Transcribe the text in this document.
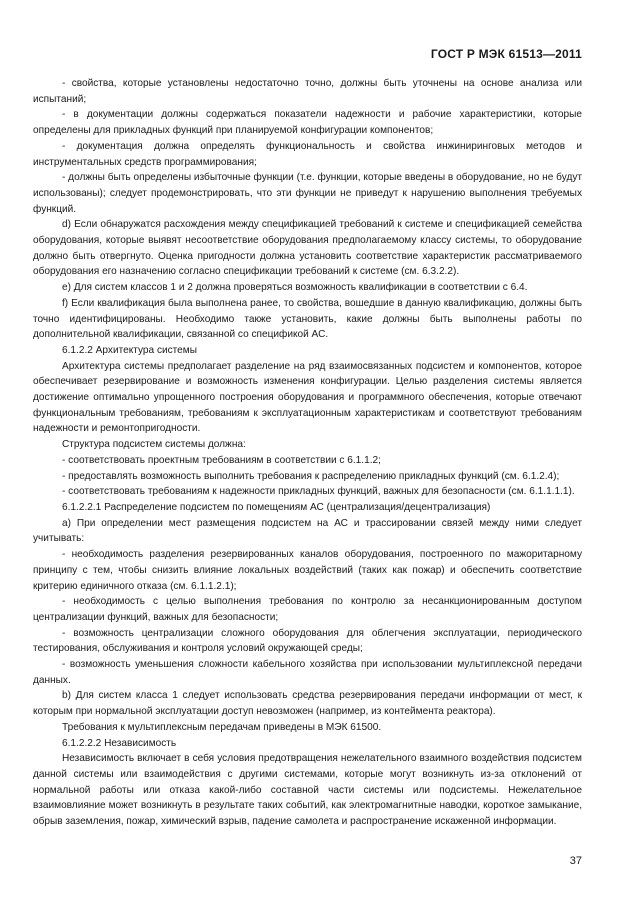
ГОСТ Р МЭК 61513—2011

- свойства, которые установлены недостаточно точно, должны быть уточнены на основе анализа или испытаний;

- в документации должны содержаться показатели надежности и рабочие характеристики, которые определены для прикладных функций при планируемой конфигурации компонентов;

- документация должна определять функциональность и свойства инжиниринговых методов и инструментальных средств программирования;

- должны быть определены избыточные функции (т.е. функции, которые введены в оборудование, но не будут использованы); следует продемонстрировать, что эти функции не приведут к нарушению выполнения требуемых функций.

d) Если обнаружатся расхождения между спецификацией требований к системе и спецификацией семейства оборудования, которые выявят несоответствие оборудования предполагаемому классу системы, то оборудование должно быть отвергнуто. Оценка пригодности должна установить соответствие характеристик рассматриваемого оборудования его назначению согласно спецификации требований к системе (см. 6.3.2.2).

e) Для систем классов 1 и 2 должна проверяться возможность квалификации в соответствии с 6.4.

f) Если квалификация была выполнена ранее, то свойства, вошедшие в данную квалификацию, должны быть точно идентифицированы. Необходимо также установить, какие должны быть выполнены работы по дополнительной квалификации, связанной со спецификой АС.

6.1.2.2 Архитектура системы

Архитектура системы предполагает разделение на ряд взаимосвязанных подсистем и компонентов, которое обеспечивает резервирование и возможность изменения конфигурации. Целью разделения системы является достижение оптимально упрощенного построения оборудования и программного обеспечения, которые отвечают функциональным требованиям, требованиям к эксплуатационным характеристикам и соответствуют требованиям надежности и ремонтопригодности.

Структура подсистем системы должна:

- соответствовать проектным требованиям в соответствии с 6.1.1.2;

- предоставлять возможность выполнить требования к распределению прикладных функций (см. 6.1.2.4);

- соответствовать требованиям к надежности прикладных функций, важных для безопасности (см. 6.1.1.1.1).

6.1.2.2.1 Распределение подсистем по помещениям АС (централизация/децентрализация)

a) При определении мест размещения подсистем на АС и трассировании связей между ними следует учитывать:

- необходимость разделения резервированных каналов оборудования, построенного по мажоритарному принципу с тем, чтобы снизить влияние локальных воздействий (таких как пожар) и обеспечить соответствие критерию единичного отказа (см. 6.1.1.2.1);

- необходимость с целью выполнения требования по контролю за несанкционированным доступом централизации функций, важных для безопасности;

- возможность централизации сложного оборудования для облегчения эксплуатации, периодического тестирования, обслуживания и контроля условий окружающей среды;

- возможность уменьшения сложности кабельного хозяйства при использовании мультиплексной передачи данных.

b) Для систем класса 1 следует использовать средства резервирования передачи информации от мест, к которым при нормальной эксплуатации доступ невозможен (например, из контеймента реактора).

Требования к мультиплексным передачам приведены в МЭК 61500.

6.1.2.2.2 Независимость

Независимость включает в себя условия предотвращения нежелательного взаимного воздействия подсистем данной системы или взаимодействия с другими системами, которые могут возникнуть из-за отклонений от нормальной работы или отказа какой-либо составной части системы или подсистемы. Нежелательное взаимовлияние может возникнуть в результате таких событий, как электромагнитные наводки, короткое замыкание, обрыв заземления, пожар, химический взрыв, падение самолета и распространение искаженной информации.

37
